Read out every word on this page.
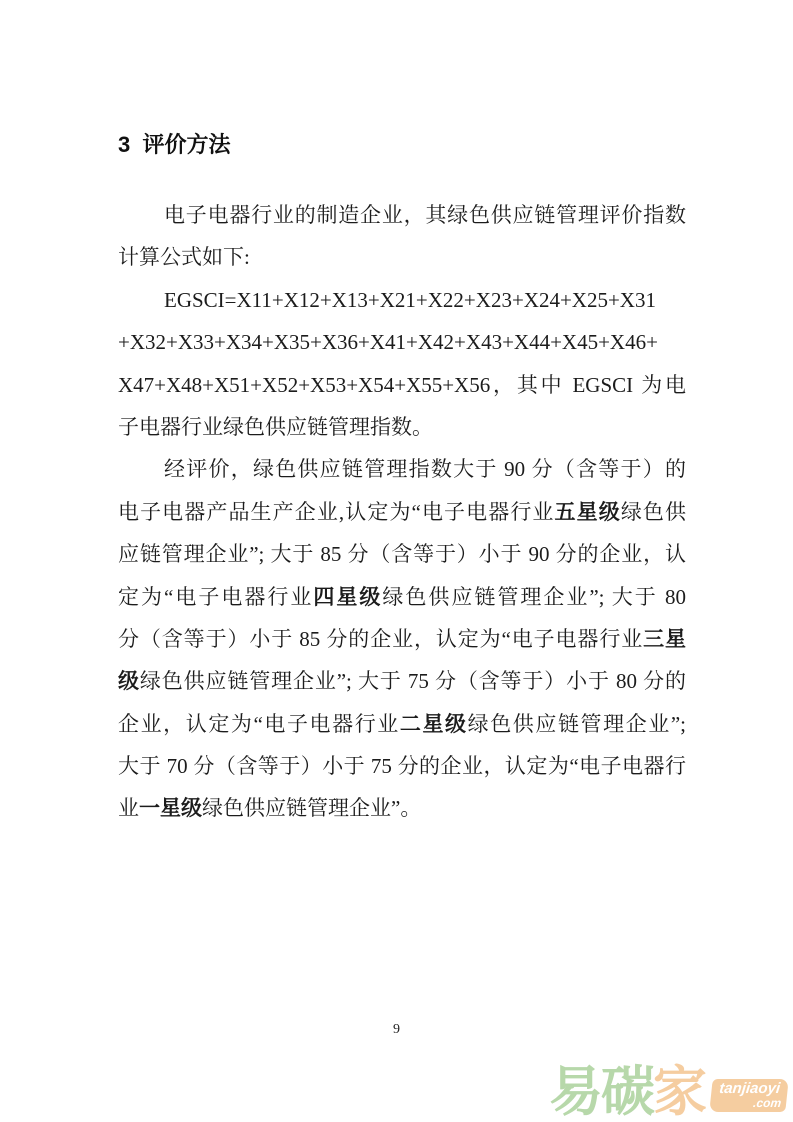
3  评价方法
电子电器行业的制造企业，其绿色供应链管理评价指数
计算公式如下:
EGSCI=X11+X12+X13+X21+X22+X23+X24+X25+X31
+X32+X33+X34+X35+X36+X41+X42+X43+X44+X45+X46+
X47+X48+X51+X52+X53+X54+X55+X56，其中 EGSCI 为电
子电器行业绿色供应链管理指数。
经评价，绿色供应链管理指数大于 90 分（含等于）的
电子电器产品生产企业,认定为“电子电器行业五星级绿色供
应链管理企业”; 大于 85 分（含等于）小于 90 分的企业，认
定为“电子电器行业四星级绿色供应链管理企业”; 大于 80
分（含等于）小于 85 分的企业，认定为“电子电器行业三星
级绿色供应链管理企业”; 大于 75 分（含等于）小于 80 分的
企业，认定为“电子电器行业二星级绿色供应链管理企业”;
大于 70 分（含等于）小于 75 分的企业，认定为“电子电器行
业一星级绿色供应链管理企业”。
9
易碳 家 tanjiaoyi
.com
